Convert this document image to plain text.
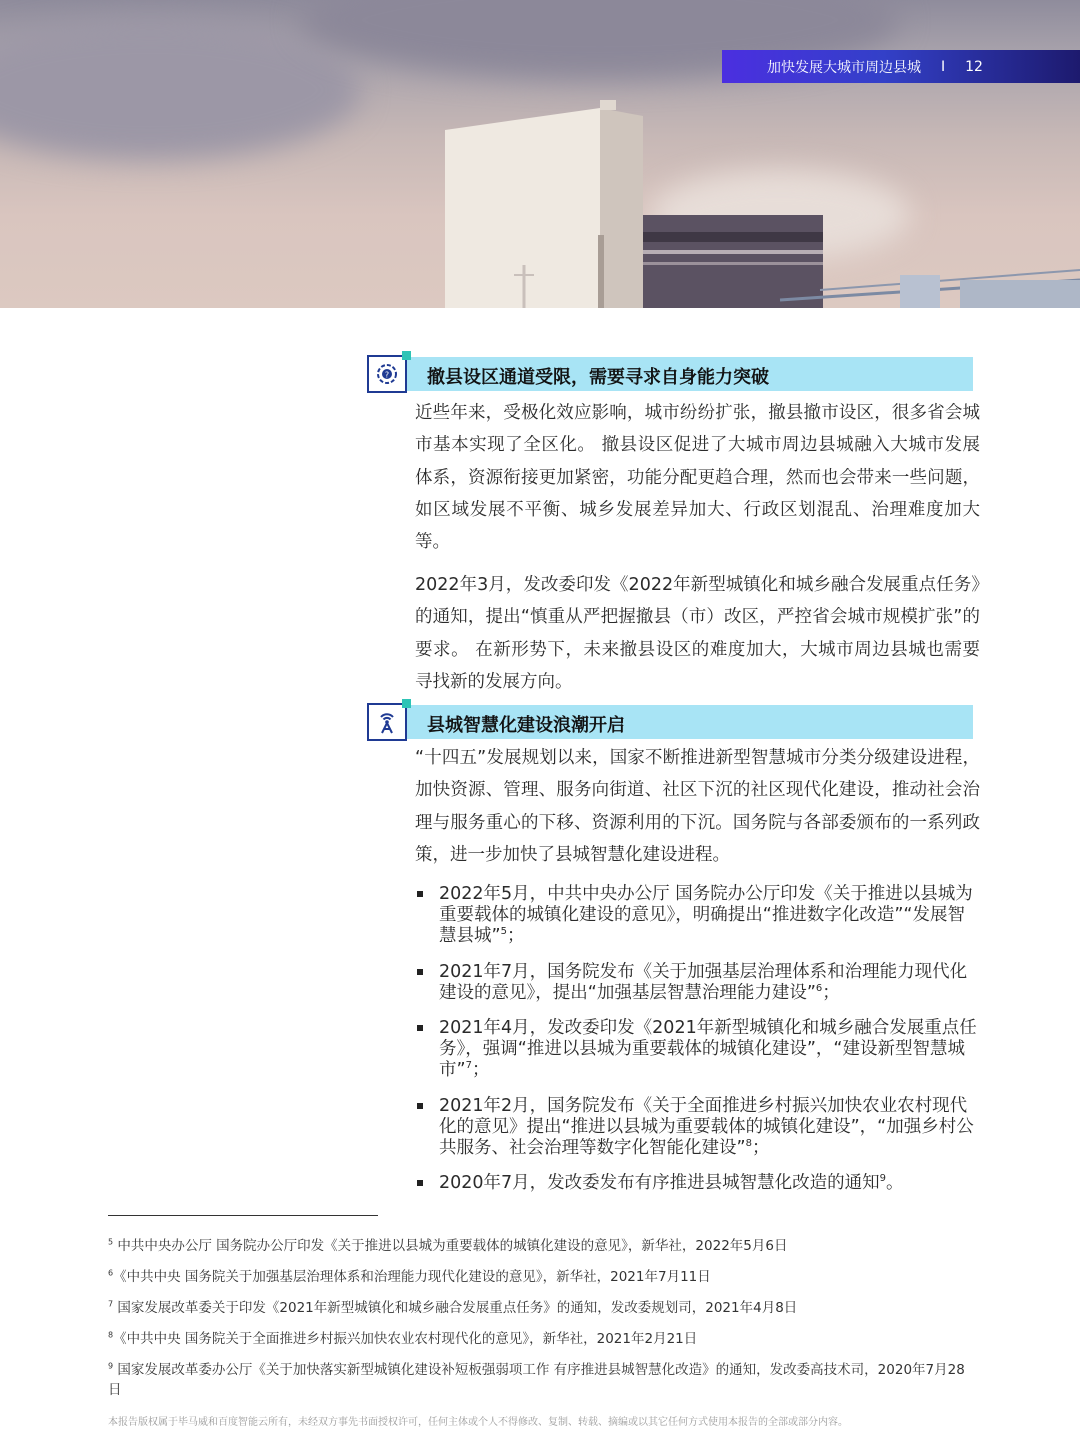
加快发展大城市周边县城 I 12
? 撤县设区通道受限，需要寻求自身能力突破

近些年来，受极化效应影响，城市纷纷扩张，撤县撤市设区，很多省会城市基本实现了全区化。 撤县设区促进了大城市周边县城融入大城市发展体系，资源衔接更加紧密，功能分配更趋合理，然而也会带来一些问题，如区域发展不平衡、城乡发展差异加大、行政区划混乱、治理难度加大等。

2022年3月，发改委印发《2022年新型城镇化和城乡融合发展重点任务》的通知，提出“慎重从严把握撤县（市）改区，严控省会城市规模扩张”的要求。 在新形势下，未来撤县设区的难度加大，大城市周边县城也需要寻找新的发展方向。

县城智慧化建设浪潮开启

“十四五”发展规划以来，国家不断推进新型智慧城市分类分级建设进程，加快资源、管理、服务向街道、社区下沉的社区现代化建设，推动社会治理与服务重心的下移、资源利用的下沉。国务院与各部委颁布的一系列政策，进一步加快了县城智慧化建设进程。

2022年5月，中共中央办公厅 国务院办公厅印发《关于推进以县城为重要载体的城镇化建设的意见》，明确提出“推进数字化改造”“发展智慧县城”$^5$；
2021年7月，国务院发布《关于加强基层治理体系和治理能力现代化建设的意见》，提出“加强基层智慧治理能力建设”$^6$；
2021年4月，发改委印发《2021年新型城镇化和城乡融合发展重点任务》，强调“推进以县城为重要载体的城镇化建设”，“建设新型智慧城市”$^7$；
2021年2月，国务院发布《关于全面推进乡村振兴加快农业农村现代化的意见》提出“推进以县城为重要载体的城镇化建设”，“加强乡村公共服务、社会治理等数字化智能化建设”$^8$；
2020年7月，发改委发布有序推进县城智慧化改造的通知$^9$。
$^5$ 中共中央办公厅 国务院办公厅印发《关于推进以县城为重要载体的城镇化建设的意见》，新华社，2022年5月6日
$^6$《中共中央 国务院关于加强基层治理体系和治理能力现代化建设的意见》，新华社，2021年7月11日
$^7$ 国家发展改革委关于印发《2021年新型城镇化和城乡融合发展重点任务》的通知，发改委规划司，2021年4月8日
$^8$《中共中央 国务院关于全面推进乡村振兴加快农业农村现代化的意见》，新华社，2021年2月21日
$^9$ 国家发展改革委办公厅《关于加快落实新型城镇化建设补短板强弱项工作 有序推进县城智慧化改造》的通知，发改委高技术司，2020年7月28日
本报告版权属于毕马威和百度智能云所有，未经双方事先书面授权许可，任何主体或个人不得修改、复制、转载、摘编或以其它任何方式使用本报告的全部或部分内容。
